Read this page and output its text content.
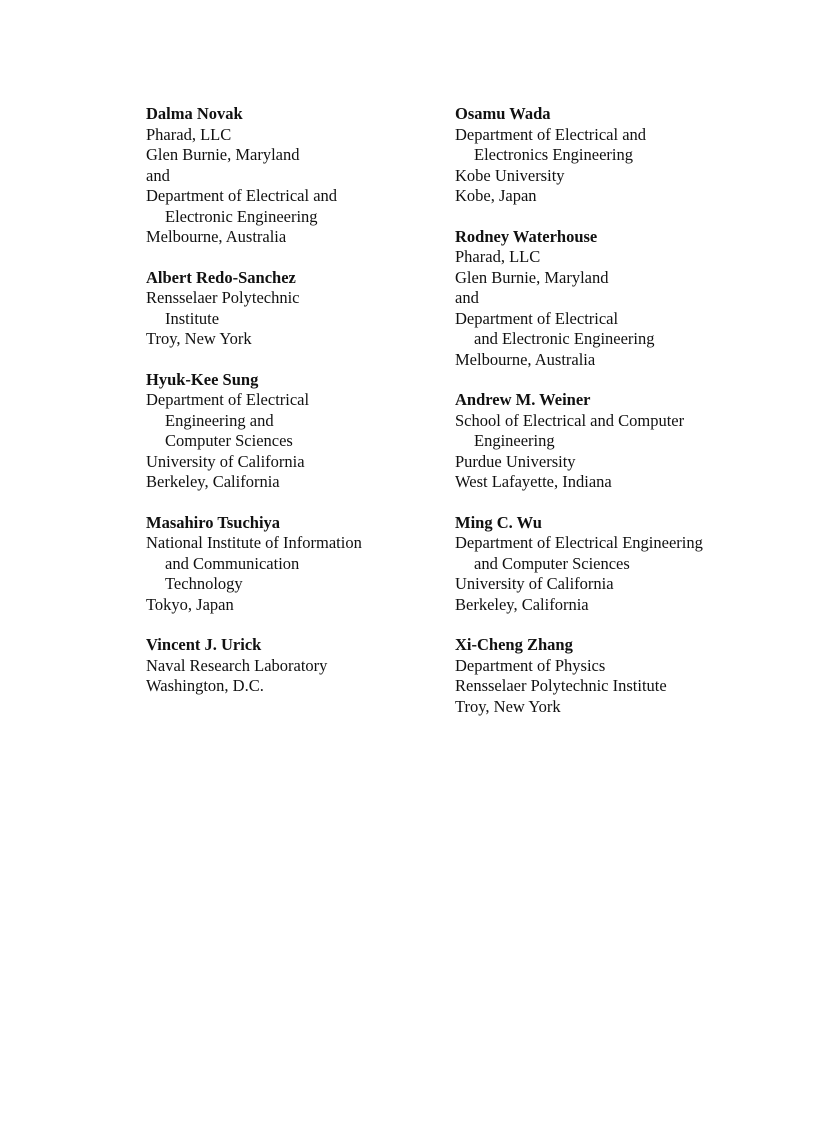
Dalma Novak
Pharad, LLC
Glen Burnie, Maryland
and
Department of Electrical and
Electronic Engineering
Melbourne, Australia
Albert Redo-Sanchez
Rensselaer Polytechnic
Institute
Troy, New York
Hyuk-Kee Sung
Department of Electrical
Engineering and
Computer Sciences
University of California
Berkeley, California
Masahiro Tsuchiya
National Institute of Information
and Communication
Technology
Tokyo, Japan
Vincent J. Urick
Naval Research Laboratory
Washington, D.C.
Osamu Wada
Department of Electrical and
Electronics Engineering
Kobe University
Kobe, Japan
Rodney Waterhouse
Pharad, LLC
Glen Burnie, Maryland
and
Department of Electrical
and Electronic Engineering
Melbourne, Australia
Andrew M. Weiner
School of Electrical and Computer
Engineering
Purdue University
West Lafayette, Indiana
Ming C. Wu
Department of Electrical Engineering
and Computer Sciences
University of California
Berkeley, California
Xi-Cheng Zhang
Department of Physics
Rensselaer Polytechnic Institute
Troy, New York
